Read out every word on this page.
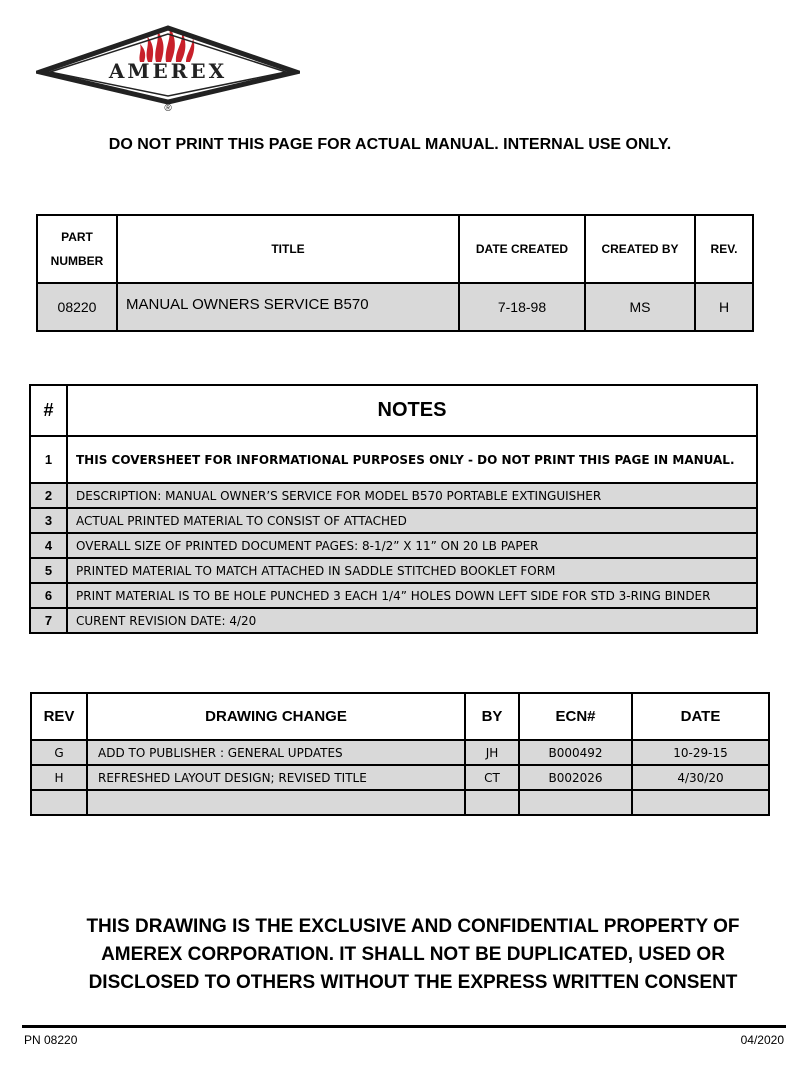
AMEREX
®
DO NOT PRINT THIS PAGE FOR ACTUAL MANUAL. INTERNAL USE ONLY.
PART
NUMBER	TITLE	DATE CREATED	CREATED BY	REV.
08220	MANUAL OWNERS SERVICE B570	7-18-98	MS	H
#	NOTES
1	THIS COVERSHEET FOR INFORMATIONAL PURPOSES ONLY - DO NOT PRINT THIS PAGE IN MANUAL.
2	DESCRIPTION: MANUAL OWNER’S SERVICE FOR MODEL B570 PORTABLE EXTINGUISHER
3	ACTUAL PRINTED MATERIAL TO CONSIST OF ATTACHED
4	OVERALL SIZE OF PRINTED DOCUMENT PAGES: 8-1/2” X 11” ON 20 LB PAPER
5	PRINTED MATERIAL TO MATCH ATTACHED IN SADDLE STITCHED BOOKLET FORM
6	PRINT MATERIAL IS TO BE HOLE PUNCHED 3 EACH 1/4” HOLES DOWN LEFT SIDE FOR STD 3-RING BINDER
7	CURENT REVISION DATE: 4/20
REV	DRAWING CHANGE	BY	ECN#	DATE
G	ADD TO PUBLISHER : GENERAL UPDATES	JH	B000492	10-29-15
H	REFRESHED LAYOUT DESIGN; REVISED TITLE	CT	B002026	4/30/20

THIS DRAWING IS THE EXCLUSIVE AND CONFIDENTIAL PROPERTY OF
AMEREX CORPORATION. IT SHALL NOT BE DUPLICATED, USED OR
DISCLOSED TO OTHERS WITHOUT THE EXPRESS WRITTEN CONSENT
PN 08220	04/2020
